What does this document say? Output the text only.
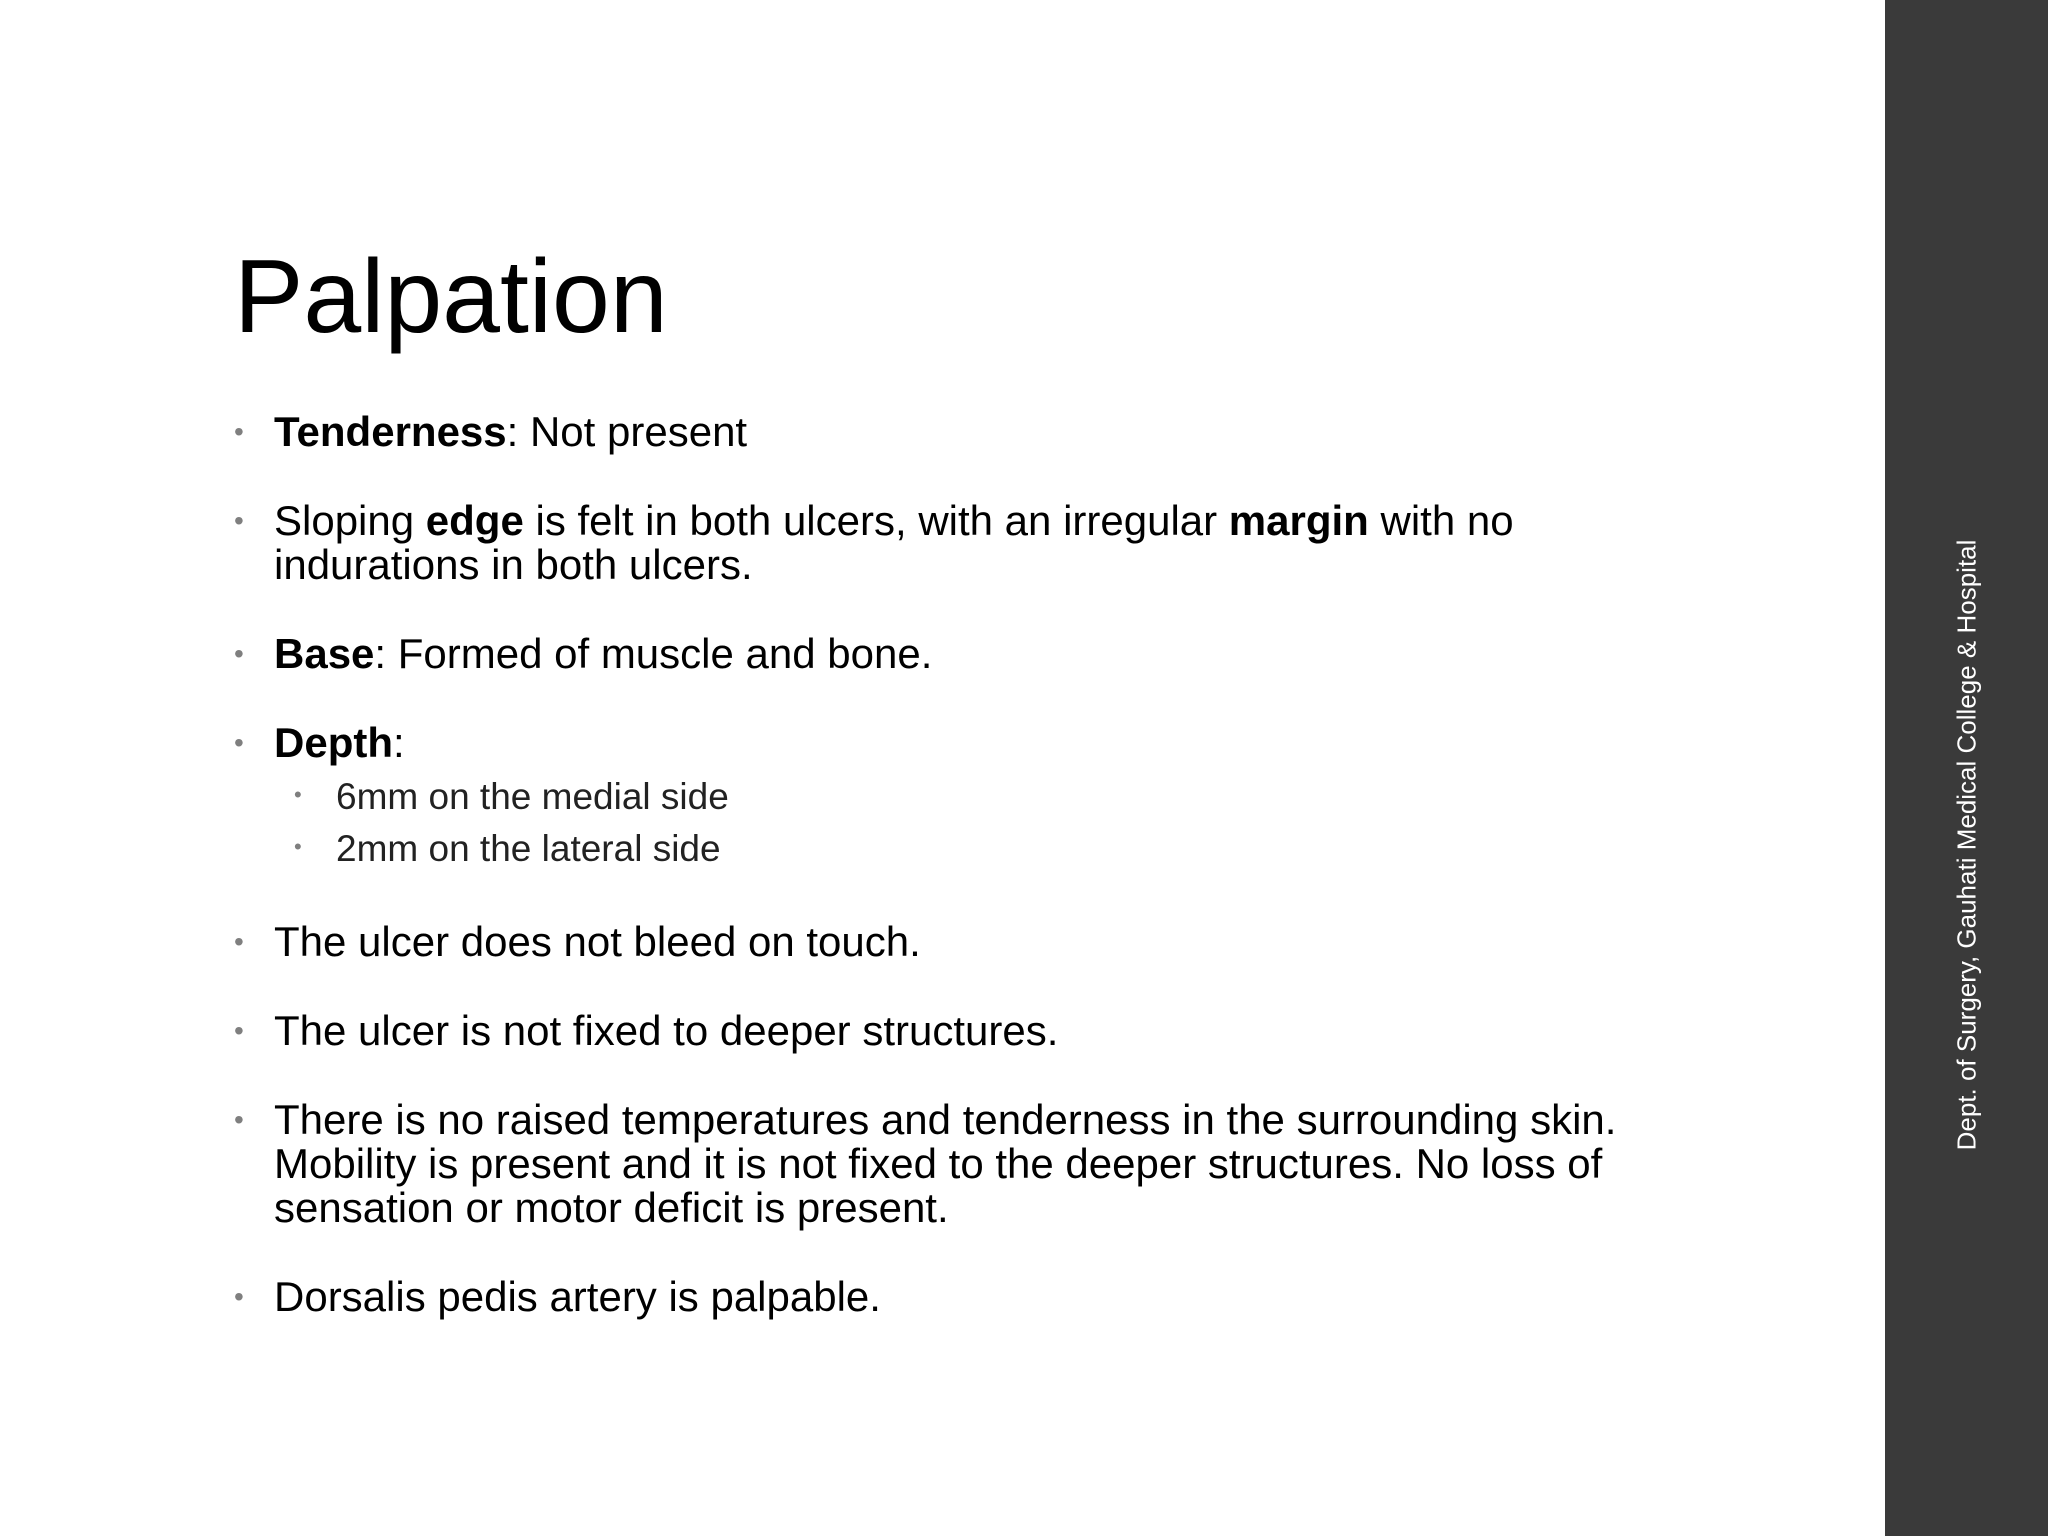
Palpation
• Tenderness: Not present
• Sloping edge is felt in both ulcers, with an irregular margin with no indurations in both ulcers.
• Base: Formed of muscle and bone.
• Depth:
• 6mm on the medial side
• 2mm on the lateral side
• The ulcer does not bleed on touch.
• The ulcer is not fixed to deeper structures.
• There is no raised temperatures and tenderness in the surrounding skin. Mobility is present and it is not fixed to the deeper structures. No loss of sensation or motor deficit is present.
• Dorsalis pedis artery is palpable.
Dept. of Surgery, Gauhati Medical College & Hospital
